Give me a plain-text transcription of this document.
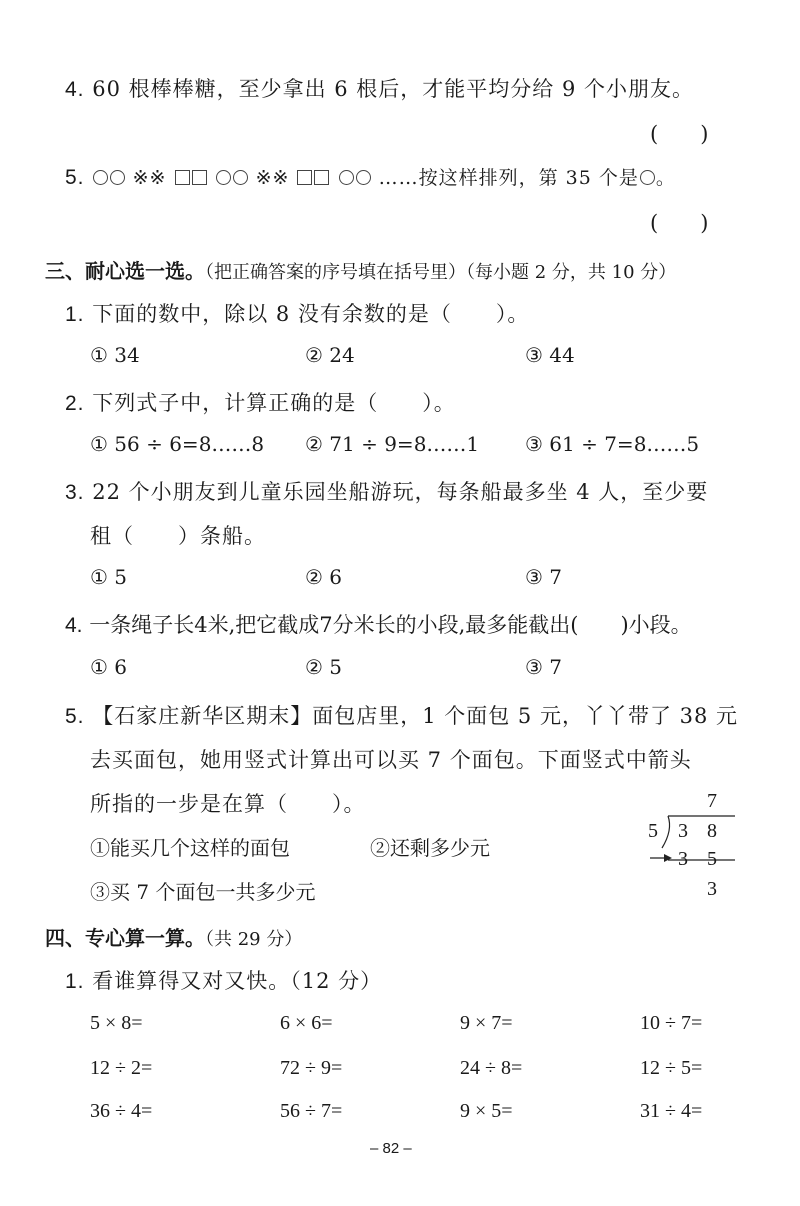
4. 60 根棒棒糖，至少拿出 6 根后，才能平均分给 9 个小朋友。
(　　)
5.	※※	※※	……按这样排列，第 35 个是 。
(　　)
三、耐心选一选。（把正确答案的序号填在括号里）（每小题 2 分，共 10 分）
1. 下面的数中，除以 8 没有余数的是（　　）。
① 34	② 24	③ 44
2. 下列式子中，计算正确的是（　　）。
① 56 ÷ 6=8……8 ② 71 ÷ 9=8……1 ③ 61 ÷ 7=8……5
3. 22 个小朋友到儿童乐园坐船游玩，每条船最多坐 4 人，至少要
租（　　）条船。
① 5	② 6	③ 7
4. 一条绳子长4米,把它截成7分米长的小段,最多能截出(　　)小段。
① 6	② 5	③ 7
5. 【石家庄新华区期末】面包店里，1 个面包 5 元，丫丫带了 38 元
去买面包，她用竖式计算出可以买 7 个面包。下面竖式中箭头
所指的一步是在算（　　）。
①能买几个这样的面包	②还剩多少元
③买 7 个面包一共多少元
7
5 3 8
3 5
3
四、专心算一算。（共 29 分）
1. 看谁算得又对又快。（12 分）
5 × 8=	6 × 6=	9 × 7=	10 ÷ 7=
12 ÷ 2=	72 ÷ 9=	24 ÷ 8=	12 ÷ 5=
36 ÷ 4=	56 ÷ 7=	9 × 5=	31 ÷ 4=
– 82 –
